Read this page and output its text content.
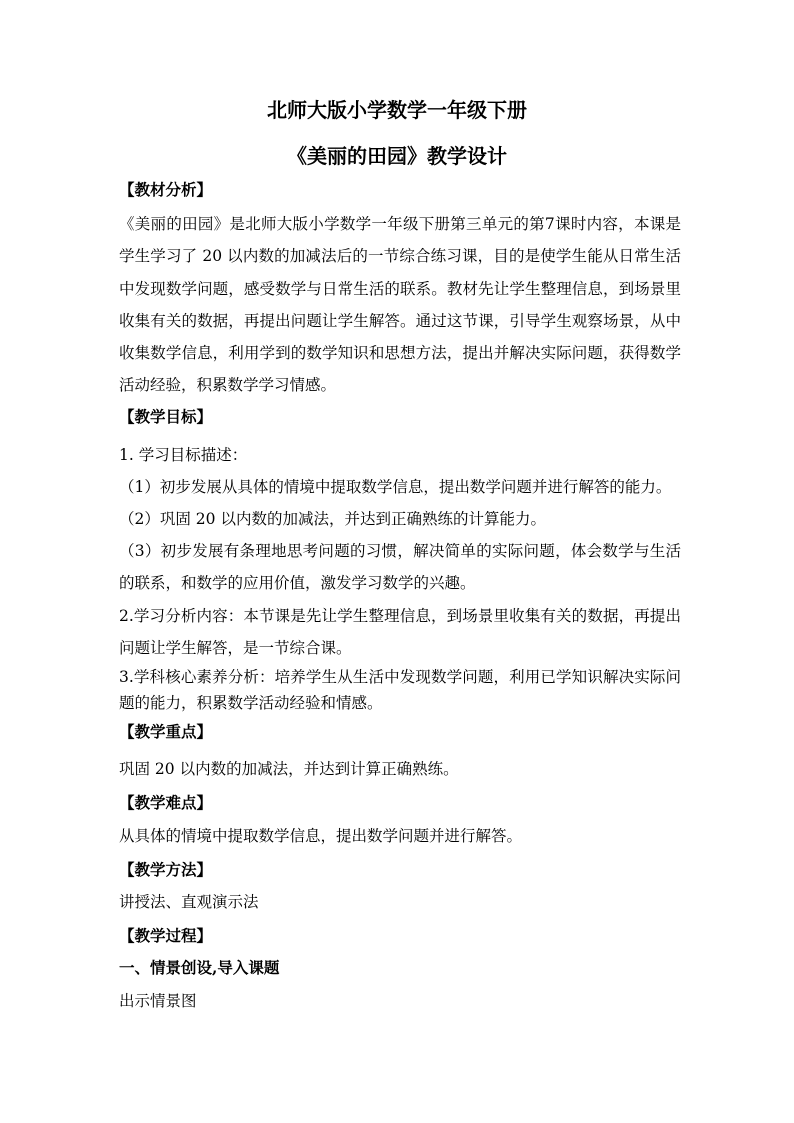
北师大版小学数学一年级下册
《美丽的田园》教学设计

【教材分析】

《美丽的田园》是北师大版小学数学一年级下册第三单元的第7课时内容，本课是学生学习了 20 以内数的加减法后的一节综合练习课，目的是使学生能从日常生活中发现数学问题，感受数学与日常生活的联系。教材先让学生整理信息，到场景里收集有关的数据，再提出问题让学生解答。通过这节课，引导学生观察场景，从中收集数学信息，利用学到的数学知识和思想方法，提出并解决实际问题，获得数学活动经验，积累数学学习情感。

【教学目标】

1. 学习目标描述：

（1）初步发展从具体的情境中提取数学信息，提出数学问题并进行解答的能力。

（2）巩固 20 以内数的加减法，并达到正确熟练的计算能力。

（3）初步发展有条理地思考问题的习惯，解决简单的实际问题，体会数学与生活的联系，和数学的应用价值，激发学习数学的兴趣。

2.学习分析内容：本节课是先让学生整理信息，到场景里收集有关的数据，再提出问题让学生解答，是一节综合课。

3.学科核心素养分析：培养学生从生活中发现数学问题，利用已学知识解决实际问题的能力，积累数学活动经验和情感。

【教学重点】

巩固 20 以内数的加减法，并达到计算正确熟练。

【教学难点】

从具体的情境中提取数学信息，提出数学问题并进行解答。

【教学方法】

讲授法、直观演示法

【教学过程】

一、情景创设,导入课题

出示情景图
